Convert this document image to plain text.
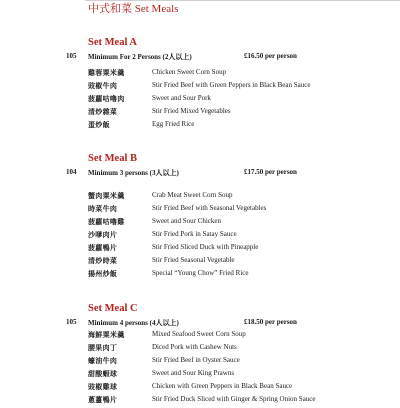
中式和菜 Set Meals
Set Meal A
105 Minimum For 2 Persons (2人以上)	£16.50 per person
雞蓉粟米羹	Chicken Sweet Corn Soup
豉椒牛肉	Stir Fried Beef with Green Peppers in Black Bean Sauce
菠蘿咕嚕肉	Sweet and Sour Pork
清炒雜菜	Stir Fried Mixed Vegetables
蛋炒飯	Egg Fried Rice
Set Meal B
104 Minimum 3 persons (3人以上)	£17.50 per person
蟹肉粟米羹	Crab Meat Sweet Corn Soup
時菜牛肉	Stir Fried Beef with Seasonal Vegetables
菠蘿咕嚕雞	Sweet and Sour Chicken
沙嗲肉片	Stir Fried Pork in Satay Sauce
菠蘿鴨片	Stir Fried Sliced Duck with Pineapple
清炒時菜	Stir Fried Seasonal Vegetable
揚州炒飯	Special “Young Chow” Fried Rice
Set Meal C
105 Minimum 4 persons (4人以上)	£18.50 per person
海鮮粟米羹	Mixed Seafood Sweet Corn Soup
腰果肉丁	Diced Pork with Cashew Nuts
蠔油牛肉	Stir Fried Beef in Oyster Sauce
甜酸蝦球	Sweet and Sour King Prawns
豉椒雞球	Chicken with Green Peppers in Black Bean Sauce
蔥薑鴨片	Stir Fried Duck Sliced with Ginger & Spring Onion Sauce
